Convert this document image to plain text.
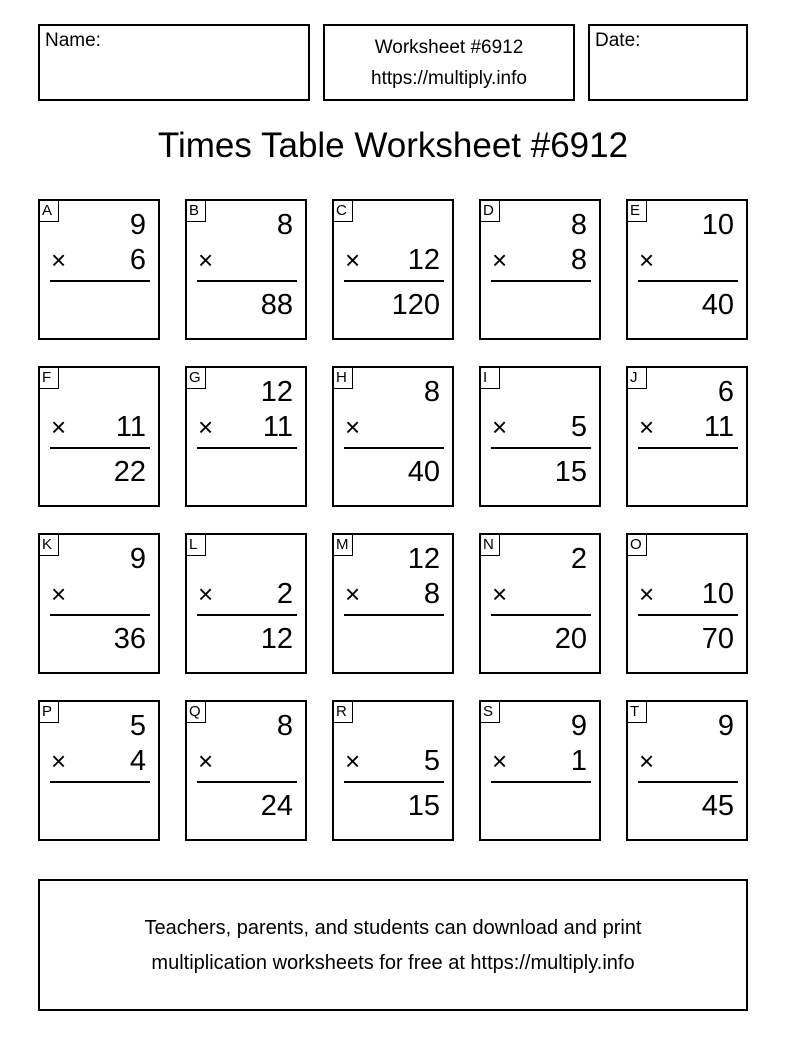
Name:	Worksheet #6912
https://multiply.info
Date:
Times Table Worksheet #6912
A	9
× 6
B	8
×
88
C
× 12
120
D	8
× 8
E 10
×
40
F
× 11
22
G 12
× 11
H	8
×
40
I
× 5
15
J	6
× 11
K	9
×
36
L
× 2
12
M 12
× 8
N	2
×
20
O
× 10
70
P	5
× 4
Q	8
×
24
R
× 5
15
S	9
× 1
T	9
×
45
Teachers, parents, and students can download and print
multiplication worksheets for free at https://multiply.info
